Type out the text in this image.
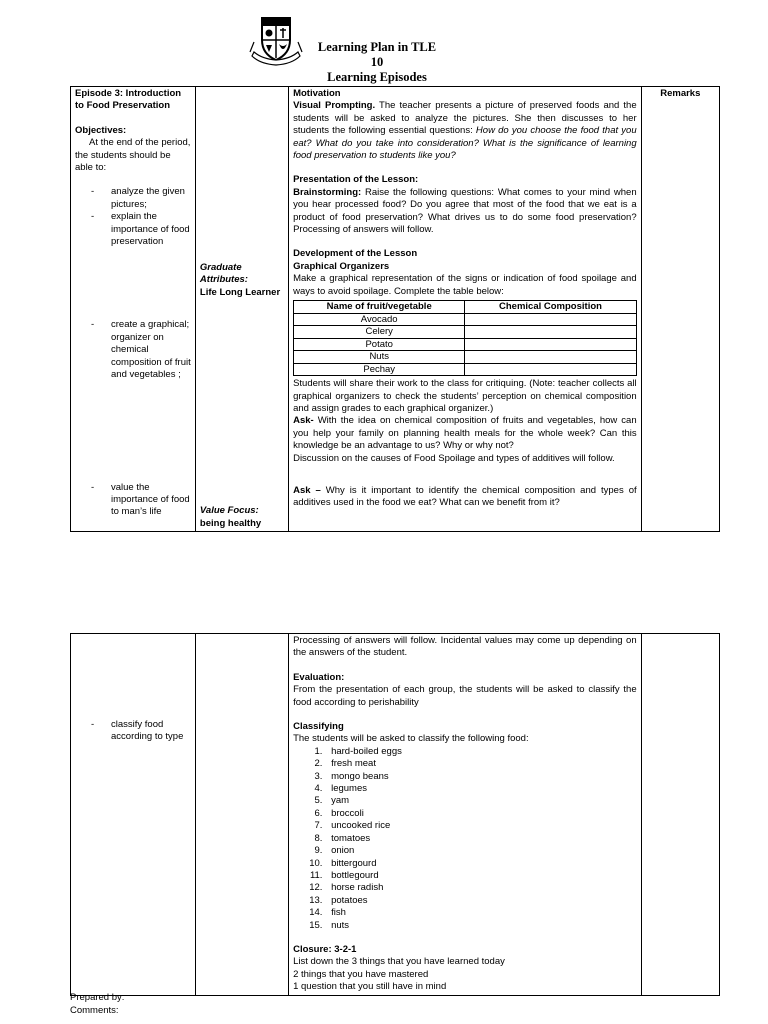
Learning Plan in TLE 10
Learning Episodes

Episode 3: Introduction to Food Preservation

Objectives:

At the end of the period, the students should be able to:

- analyze the given pictures;
- explain the importance of food preservation
- create a graphical; organizer on chemical composition of fruit and vegetables ;
- value the importance of food to man’s life

Graduate Attributes:

Life Long Learner

Value Focus:

being healthy

Motivation

Visual Prompting. The teacher presents a picture of preserved foods and the students will be asked to analyze the pictures. She then discusses to her students the following essential questions: How do you choose the food that you eat? What do you take into consideration? What is the significance of learning food preservation to students like you?

Presentation of the Lesson:

Brainstorming: Raise the following questions: What comes to your mind when you hear processed food? Do you agree that most of the food that we eat is a product of food preservation? What drives us to do some food preservation? Processing of answers will follow.

Development of the Lesson

Graphical Organizers

Make a graphical representation of the signs or indication of food spoilage and ways to avoid spoilage. Complete the table below:

Name of fruit/vegetable	Chemical Composition
Avocado	
Celery	
Potato	
Nuts	
Pechay	

Students will share their work to the class for critiquing. (Note: teacher collects all graphical organizers to check the students’ perception on chemical composition and assign grades to each graphical organizer.)

Ask- With the idea on chemical composition of fruits and vegetables, how can you help your family on planning health meals for the whole week? Can this knowledge be an advantage to us? Why or why not?

Discussion on the causes of Food Spoilage and types of additives will follow.

Ask – Why is it important to identify the chemical composition and types of additives used in the food we eat? What can we benefit from it?

Remarks

- classify food according to type

Processing of answers will follow. Incidental values may come up depending on the answers of the student.

Evaluation:

From the presentation of each group, the students will be asked to classify the food according to perishability

Classifying

The students will be asked to classify the following food:

1. hard-boiled eggs
2. fresh meat
3. mongo beans
4. legumes
5. yam
6. broccoli
7. uncooked rice
8. tomatoes
9. onion
10. bittergourd
11. bottlegourd
12. horse radish
13. potatoes
14. fish
15. nuts

Closure: 3-2-1

List down the 3 things that you have learned today

2 things that you have mastered

1 question that you still have in mind

Prepared by:
Comments:
